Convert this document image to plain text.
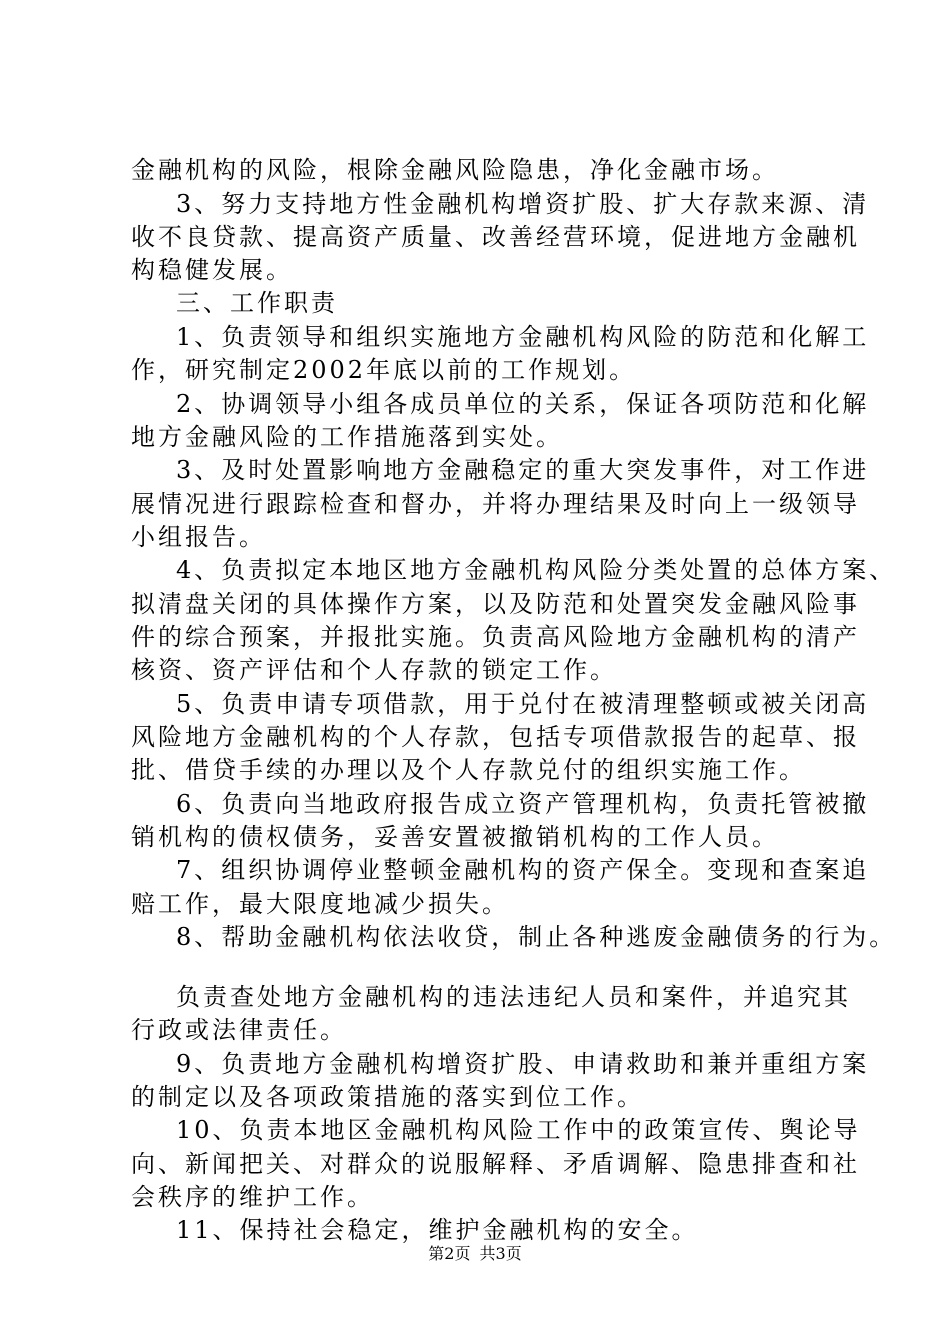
金融机构的风险，根除金融风险隐患，净化金融市场。
3、努力支持地方性金融机构增资扩股、扩大存款来源、清
收不良贷款、提高资产质量、改善经营环境，促进地方金融机
构稳健发展。
三、工作职责
1、负责领导和组织实施地方金融机构风险的防范和化解工
作，研究制定2002年底以前的工作规划。
2、协调领导小组各成员单位的关系，保证各项防范和化解
地方金融风险的工作措施落到实处。
3、及时处置影响地方金融稳定的重大突发事件，对工作进
展情况进行跟踪检查和督办，并将办理结果及时向上一级领导
小组报告。
4、负责拟定本地区地方金融机构风险分类处置的总体方案、
拟清盘关闭的具体操作方案，以及防范和处置突发金融风险事
件的综合预案，并报批实施。负责高风险地方金融机构的清产
核资、资产评估和个人存款的锁定工作。
5、负责申请专项借款，用于兑付在被清理整顿或被关闭高
风险地方金融机构的个人存款，包括专项借款报告的起草、报
批、借贷手续的办理以及个人存款兑付的组织实施工作。
6、负责向当地政府报告成立资产管理机构，负责托管被撤
销机构的债权债务，妥善安置被撤销机构的工作人员。
7、组织协调停业整顿金融机构的资产保全。变现和查案追
赔工作，最大限度地减少损失。
8、帮助金融机构依法收贷，制止各种逃废金融债务的行为。
负责查处地方金融机构的违法违纪人员和案件，并追究其
行政或法律责任。
9、负责地方金融机构增资扩股、申请救助和兼并重组方案
的制定以及各项政策措施的落实到位工作。
10、负责本地区金融机构风险工作中的政策宣传、舆论导
向、新闻把关、对群众的说服解释、矛盾调解、隐患排查和社
会秩序的维护工作。
11、保持社会稳定，维护金融机构的安全。
第2页 共3页
